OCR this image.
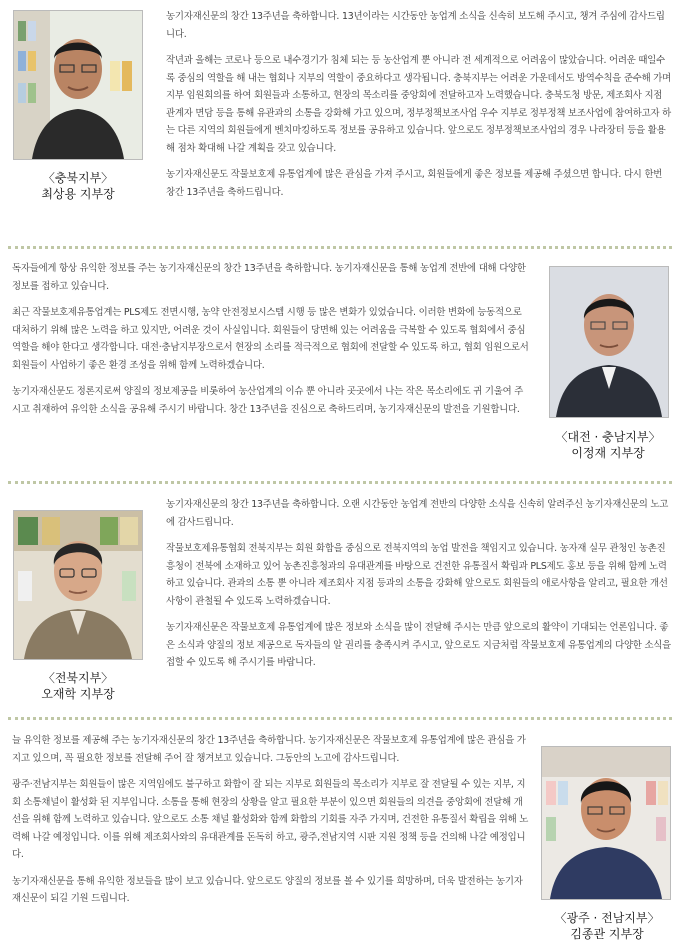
〈충북지부〉
최상용 지부장

농기자재신문의 창간 13주년을 축하합니다. 13년이라는 시간동안 농업계 소식을 신속히 보도해 주시고, 챙겨 주심에 감사드립니다.

작년과 올해는 코로나 등으로 내수경기가 침체 되는 등 농산업계 뿐 아니라 전 세계적으로 어려움이 많았습니다. 어려운 때일수록 중심의 역할을 해 내는 협회나 지부의 역할이 중요하다고 생각됩니다. 충북지부는 어려운 가운데서도 방역수칙을 준수해 가며 지부 임원회의를 하여 회원들과 소통하고, 현장의 목소리를 중앙회에 전달하고자 노력했습니다. 충북도청 방문, 제조회사 지점 관계자 면담 등을 통해 유관과의 소통을 강화해 가고 있으며, 정부정책보조사업 우수 지부로 정부정책 보조사업에 참여하고자 하는 다른 지역의 회원들에게 벤치마킹하도록 정보를 공유하고 있습니다. 앞으로도 정부정책보조사업의 경우 나라장터 등을 활용해 점차 확대해 나갈 계획을 갖고 있습니다.

농기자재신문도 작물보호제 유통업계에 많은 관심을 가져 주시고, 회원들에게 좋은 정보를 제공해 주셨으면 합니다. 다시 한번 창간 13주년을 축하드립니다.

독자들에게 항상 유익한 정보를 주는 농기자재신문의 창간 13주년을 축하합니다. 농기자재신문을 통해 농업계 전반에 대해 다양한 정보를 접하고 있습니다.

최근 작물보호제유통업계는 PLS제도 전면시행, 농약 안전정보시스템 시행 등 많은 변화가 있었습니다. 이러한 변화에 능동적으로 대처하기 위해 많은 노력을 하고 있지만, 어려운 것이 사실입니다. 회원들이 당면해 있는 어려움을 극복할 수 있도록 협회에서 중심 역할을 해야 한다고 생각합니다. 대전·충남지부장으로서 현장의 소리를 적극적으로 협회에 전달할 수 있도록 하고, 협회 임원으로서 회원들이 사업하기 좋은 환경 조성을 위해 함께 노력하겠습니다.

농기자재신문도 정론지로써 양질의 정보제공을 비롯하여 농산업계의 이슈 뿐 아니라 곳곳에서 나는 작은 목소리에도 귀 기울여 주시고 취재하여 유익한 소식을 공유해 주시기 바랍니다. 창간 13주년을 진심으로 축하드리며, 농기자재신문의 발전을 기원합니다.

〈대전 · 충남지부〉
이정재 지부장
〈전북지부〉
오재학 지부장

농기자재신문의 창간 13주년을 축하합니다. 오랜 시간동안 농업계 전반의 다양한 소식을 신속히 알려주신 농기자재신문의 노고에 감사드립니다.

작물보호제유통협회 전북지부는 회원 화합을 중심으로 전북지역의 농업 발전을 책임지고 있습니다. 농자재 실무 관청인 농촌진흥청이 전북에 소재하고 있어 농촌진흥청과의 유대관계를 바탕으로 건전한 유통질서 확립과 PLS제도 홍보 등을 위해 함께 노력하고 있습니다. 관과의 소통 뿐 아니라 제조회사 지점 등과의 소통을 강화해 앞으로도 회원들의 애로사항을 알리고, 필요한 개선 사항이 관철될 수 있도록 노력하겠습니다.

농기자재신문은 작물보호제 유통업계에 많은 정보와 소식을 많이 전달해 주시는 만큼 앞으로의 활약이 기대되는 언론입니다. 좋은 소식과 양질의 정보 제공으로 독자들의 알 권리를 충족시켜 주시고, 앞으로도 지금처럼 작물보호제 유통업계의 다양한 소식을 접할 수 있도록 해 주시기를 바랍니다.

늘 유익한 정보를 제공해 주는 농기자재신문의 창간 13주년을 축하합니다. 농기자재신문은 작물보호제 유통업계에 많은 관심을 가지고 있으며, 꼭 필요한 정보를 전달해 주어 잘 챙겨보고 있습니다. 그동안의 노고에 감사드립니다.

광주·전남지부는 회원들이 많은 지역임에도 불구하고 화합이 잘 되는 지부로 회원들의 목소리가 지부로 잘 전달될 수 있는 지부, 지회 소통채널이 활성화 된 지부입니다. 소통을 통해 현장의 상황을 알고 필요한 부분이 있으면 회원들의 의견을 중앙회에 전달해 개선을 위해 함께 노력하고 있습니다. 앞으로도 소통 채널 활성화와 함께 화합의 기회를 자주 가지며, 건전한 유통질서 확립을 위해 노력해 나갈 예정입니다. 이를 위해 제조회사와의 유대관계를 돈독히 하고, 광주,전남지역 시판 지원 정책 등을 건의해 나갈 예정입니다.

농기자재신문을 통해 유익한 정보들을 많이 보고 있습니다. 앞으로도 양질의 정보를 볼 수 있기를 희망하며, 더욱 발전하는 농기자재신문이 되길 기원 드립니다.

〈광주 · 전남지부〉
김종관 지부장
